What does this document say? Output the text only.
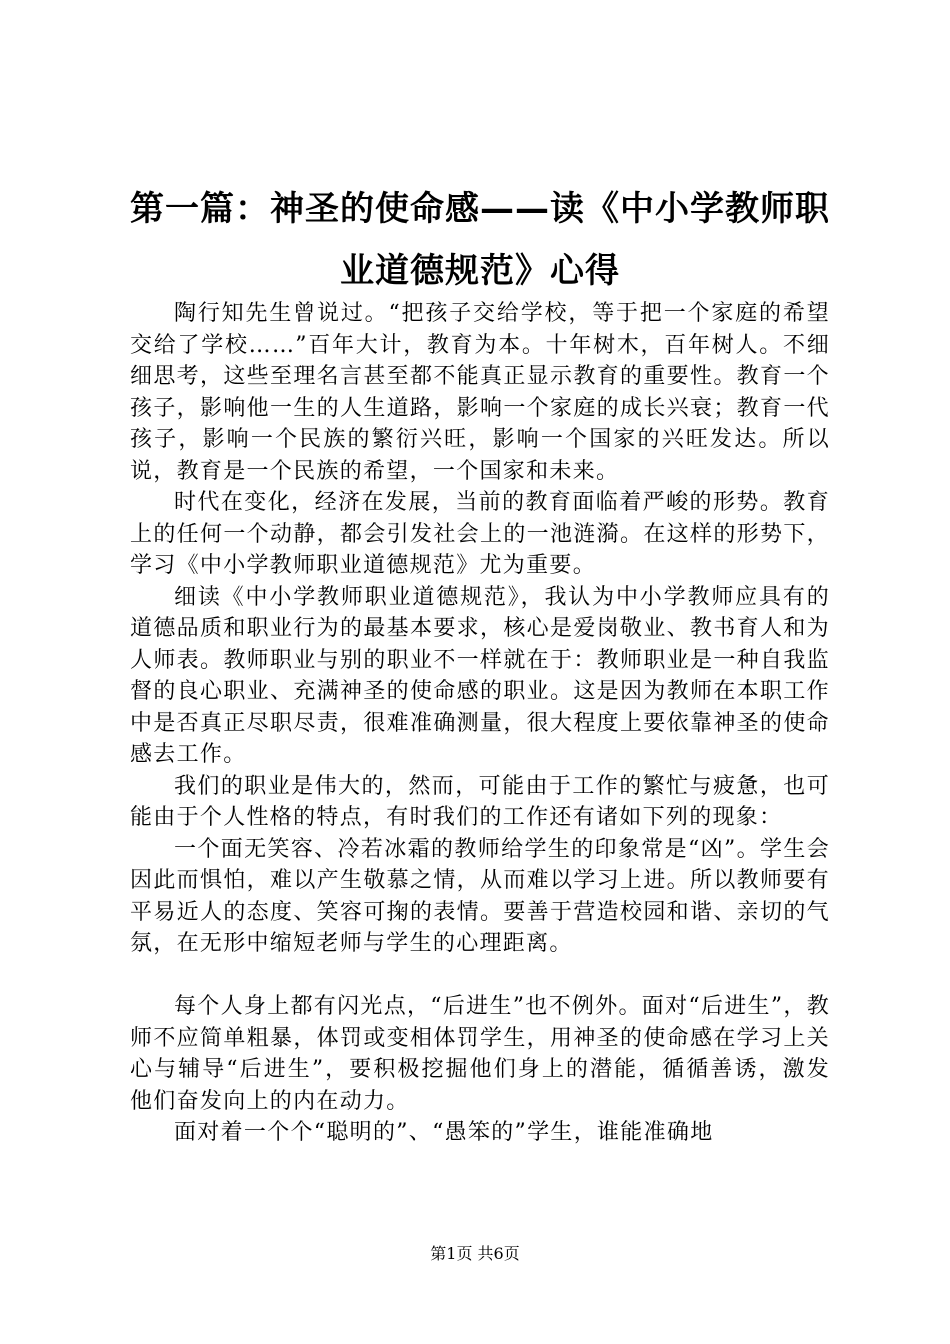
第一篇：神圣的使命感——读《中小学教师职
业道德规范》心得

陶行知先生曾说过。“把孩子交给学校，等于把一个家庭的希望交给了学校……”百年大计，教育为本。十年树木，百年树人。不细细思考，这些至理名言甚至都不能真正显示教育的重要性。教育一个孩子，影响他一生的人生道路，影响一个家庭的成长兴衰；教育一代孩子，影响一个民族的繁衍兴旺，影响一个国家的兴旺发达。所以说，教育是一个民族的希望，一个国家和未来。

时代在变化，经济在发展，当前的教育面临着严峻的形势。教育上的任何一个动静，都会引发社会上的一池涟漪。在这样的形势下，学习《中小学教师职业道德规范》尤为重要。

细读《中小学教师职业道德规范》，我认为中小学教师应具有的道德品质和职业行为的最基本要求，核心是爱岗敬业、教书育人和为人师表。教师职业与别的职业不一样就在于：教师职业是一种自我监督的良心职业、充满神圣的使命感的职业。这是因为教师在本职工作中是否真正尽职尽责，很难准确测量，很大程度上要依靠神圣的使命感去工作。

我们的职业是伟大的，然而，可能由于工作的繁忙与疲惫，也可能由于个人性格的特点，有时我们的工作还有诸如下列的现象：

一个面无笑容、冷若冰霜的教师给学生的印象常是“凶”。学生会因此而惧怕，难以产生敬慕之情，从而难以学习上进。所以教师要有平易近人的态度、笑容可掬的表情。要善于营造校园和谐、亲切的气氛，在无形中缩短老师与学生的心理距离。

每个人身上都有闪光点，“后进生”也不例外。面对“后进生”，教师不应简单粗暴，体罚或变相体罚学生，用神圣的使命感在学习上关心与辅导“后进生”，要积极挖掘他们身上的潜能，循循善诱，激发他们奋发向上的内在动力。

面对着一个个“聪明的”、“愚笨的”学生，谁能准确地

第1页 共6页
